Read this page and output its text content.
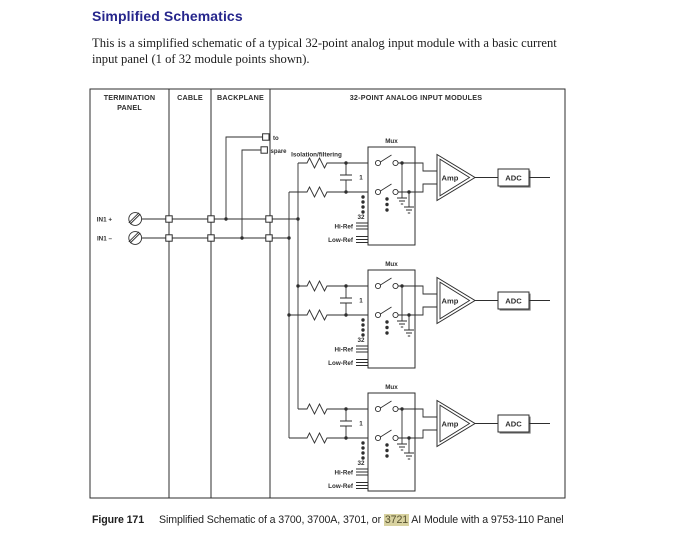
Simplified Schematics
This is a simplified schematic of a typical 32-point analog input module with a basic current
input panel (1 of 32 module points shown).
TERMINATION
PANEL
CABLE BACKPLANE	32-POINT ANALOG INPUT MODULES
IN1 +
IN1 –
to
spare Isolation/filtering
Mux
1
32
Hi-Ref
Low-Ref
Amp	ADC
Mux
1
32
Hi-Ref
Low-Ref
Amp	ADC
Mux
1
32
Hi-Ref
Low-Ref
Amp	ADC
Figure 171 Simplified Schematic of a 3700, 3700A, 3701, or 3721 AI Module with a 9753-110 Panel
